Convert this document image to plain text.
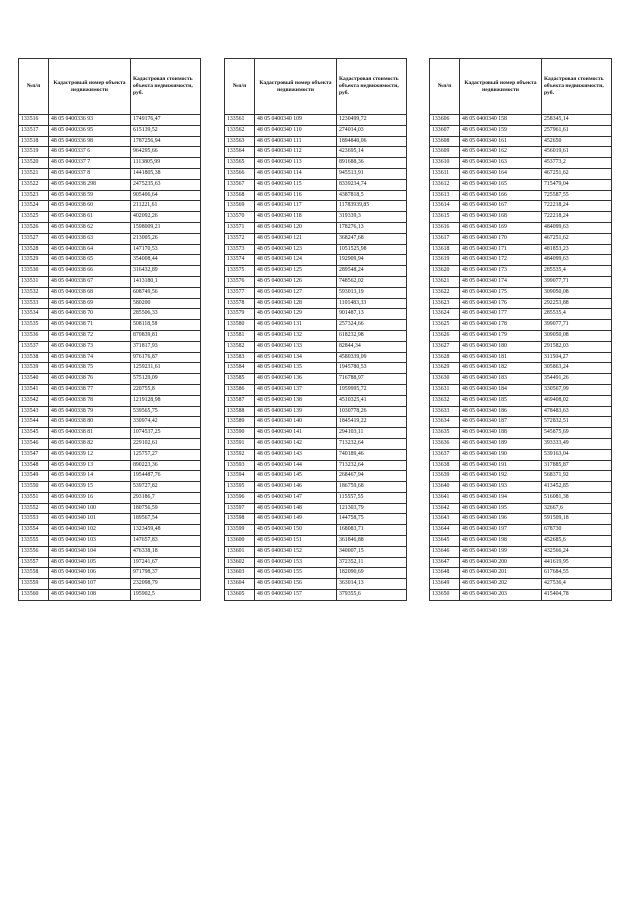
№п/п	Кадастровый номер объекта недвижимости	Кадастровая стоимость объекта недвижимости, руб.
133516	48 05 0400336 93	1749176,47
133517	48 05 0400336 95	615139,52
133518	48 05 0400336 98	1787256,94
133519	48 05 0400337 6	964295,66
133520	48 05 0400337 7	1113805,99
133521	48 05 0400337 8	1441805,38
133522	48 05 0400338 298	2475235,63
133523	48 05 0400338 59	905406,64
133524	48 05 0400338 60	211221,61
133525	48 05 0400338 61	402092,26
133526	48 05 0400338 62	1598009,21
133527	48 05 0400338 63	213005,26
133528	48 05 0400338 64	147170,53
133529	48 05 0400338 65	354008,44
133530	48 05 0400338 66	316432,89
133531	48 05 0400338 67	1413180,1
133532	48 05 0400338 68	608749,56
133533	48 05 0400338 69	580200
133534	48 05 0400338 70	285506,33
133535	48 05 0400338 71	508118,58
133536	48 05 0400338 72	870839,81
133537	48 05 0400338 73	371817,93
133538	48 05 0400338 74	976176,87
133539	48 05 0400338 75	1259231,61
133540	48 05 0400338 76	575129,09
133541	48 05 0400338 77	220755,8
133542	48 05 0400338 78	1219128,98
133543	48 05 0400338 79	539565,75
133544	48 05 0400338 80	330974,42
133545	48 05 0400338 81	1074537,25
133546	48 05 0400338 82	229102,61
133547	48 05 0400339 12	125757,27
133548	48 05 0400339 13	890223,36
133549	48 05 0400339 14	1954487,76
133550	48 05 0400339 15	539727,82
133551	48 05 0400339 16	293186,7
133552	48 05 0400340 100	180756,59
133553	48 05 0400340 101	189567,54
133554	48 05 0400340 102	1323459,48
133555	48 05 0400340 103	147657,83
133556	48 05 0400340 104	476338,18
133557	48 05 0400340 105	197241,67
133558	48 05 0400340 106	971798,37
133559	48 05 0400340 107	232098,79
133560	48 05 0400340 108	195902,5
№п/п	Кадастровый номер объекта недвижимости	Кадастровая стоимость объекта недвижимости, руб.
133561	48 05 0400340 109	1230499,72
133562	48 05 0400340 110	274014,03
133563	48 05 0400340 111	1894840,06
133564	48 05 0400340 112	423695,14
133565	48 05 0400340 113	891688,36
133566	48 05 0400340 114	945513,91
133567	48 05 0400340 115	8339234,74
133568	48 05 0400340 116	4387818,5
133569	48 05 0400340 117	11783939,85
133570	48 05 0400340 118	319339,3
133571	48 05 0400340 120	178276,13
133572	48 05 0400340 121	368247,68
133573	48 05 0400340 123	1051525,98
133574	48 05 0400340 124	192909,94
133575	48 05 0400340 125	289548,24
133576	48 05 0400340 126	748562,02
133577	48 05 0400340 127	593013,19
133578	48 05 0400340 128	1101483,33
133579	48 05 0400340 129	901487,13
133580	48 05 0400340 131	257324,66
133581	48 05 0400340 132	618232,98
133582	48 05 0400340 133	82844,34
133583	48 05 0400340 134	4580339,09
133584	48 05 0400340 135	1945780,53
133585	48 05 0400340 136	716788,97
133586	48 05 0400340 137	1959995,72
133587	48 05 0400340 138	4510325,41
133588	48 05 0400340 139	1030778,26
133589	48 05 0400340 140	1845419,22
133590	48 05 0400340 141	294103,11
133591	48 05 0400340 142	713232,64
133592	48 05 0400340 143	740189,46
133593	48 05 0400340 144	713232,64
133594	48 05 0400340 145	268467,94
133595	48 05 0400340 146	186759,68
133596	48 05 0400340 147	115557,55
133597	48 05 0400340 148	121303,79
133598	48 05 0400340 149	144758,75
133599	48 05 0400340 150	168083,71
133600	48 05 0400340 151	361846,88
133601	48 05 0400340 152	340007,15
133602	48 05 0400340 153	372352,11
133603	48 05 0400340 155	182090,69
133604	48 05 0400340 156	363014,13
133605	48 05 0400340 157	379355,6
№п/п	Кадастровый номер объекта недвижимости	Кадастровая стоимость объекта недвижимости, руб.
133606	48 05 0400340 158	258345,14
133607	48 05 0400340 159	257961,61
133608	48 05 0400340 161	452650
133609	48 05 0400340 162	456019,61
133610	48 05 0400340 163	453773,2
133611	48 05 0400340 164	467251,62
133612	48 05 0400340 165	715479,04
133613	48 05 0400340 166	725587,55
133614	48 05 0400340 167	722218,24
133615	48 05 0400340 168	722218,24
133616	48 05 0400340 169	484099,63
133617	48 05 0400340 170	467251,62
133618	48 05 0400340 171	481853,23
133619	48 05 0400340 172	484099,63
133620	48 05 0400340 173	285535,4
133621	48 05 0400340 174	399077,71
133622	48 05 0400340 175	309050,08
133623	48 05 0400340 176	292253,88
133624	48 05 0400340 177	285535,4
133625	48 05 0400340 178	399077,71
133626	48 05 0400340 179	309050,08
133627	48 05 0400340 180	291582,03
133628	48 05 0400340 181	311504,27
133629	48 05 0400340 182	305863,24
133630	48 05 0400340 183	354491,26
133631	48 05 0400340 184	330567,99
133632	48 05 0400340 185	469408,02
133633	48 05 0400340 186	478483,63
133634	48 05 0400340 187	572832,51
133635	48 05 0400340 188	545875,69
133636	48 05 0400340 189	393333,49
133637	48 05 0400340 190	539163,04
133638	48 05 0400340 191	317885,87
133639	48 05 0400340 192	568371,92
133640	48 05 0400340 193	413452,85
133641	48 05 0400340 194	516081,38
133642	48 05 0400340 195	32667,6
133643	48 05 0400340 196	591509,18
133644	48 05 0400340 197	678730
133645	48 05 0400340 198	452685,6
133646	48 05 0400340 199	432566,24
133647	48 05 0400340 200	441619,95
133648	48 05 0400340 201	617684,55
133649	48 05 0400340 202	427536,4
133650	48 05 0400340 203	415404,78
